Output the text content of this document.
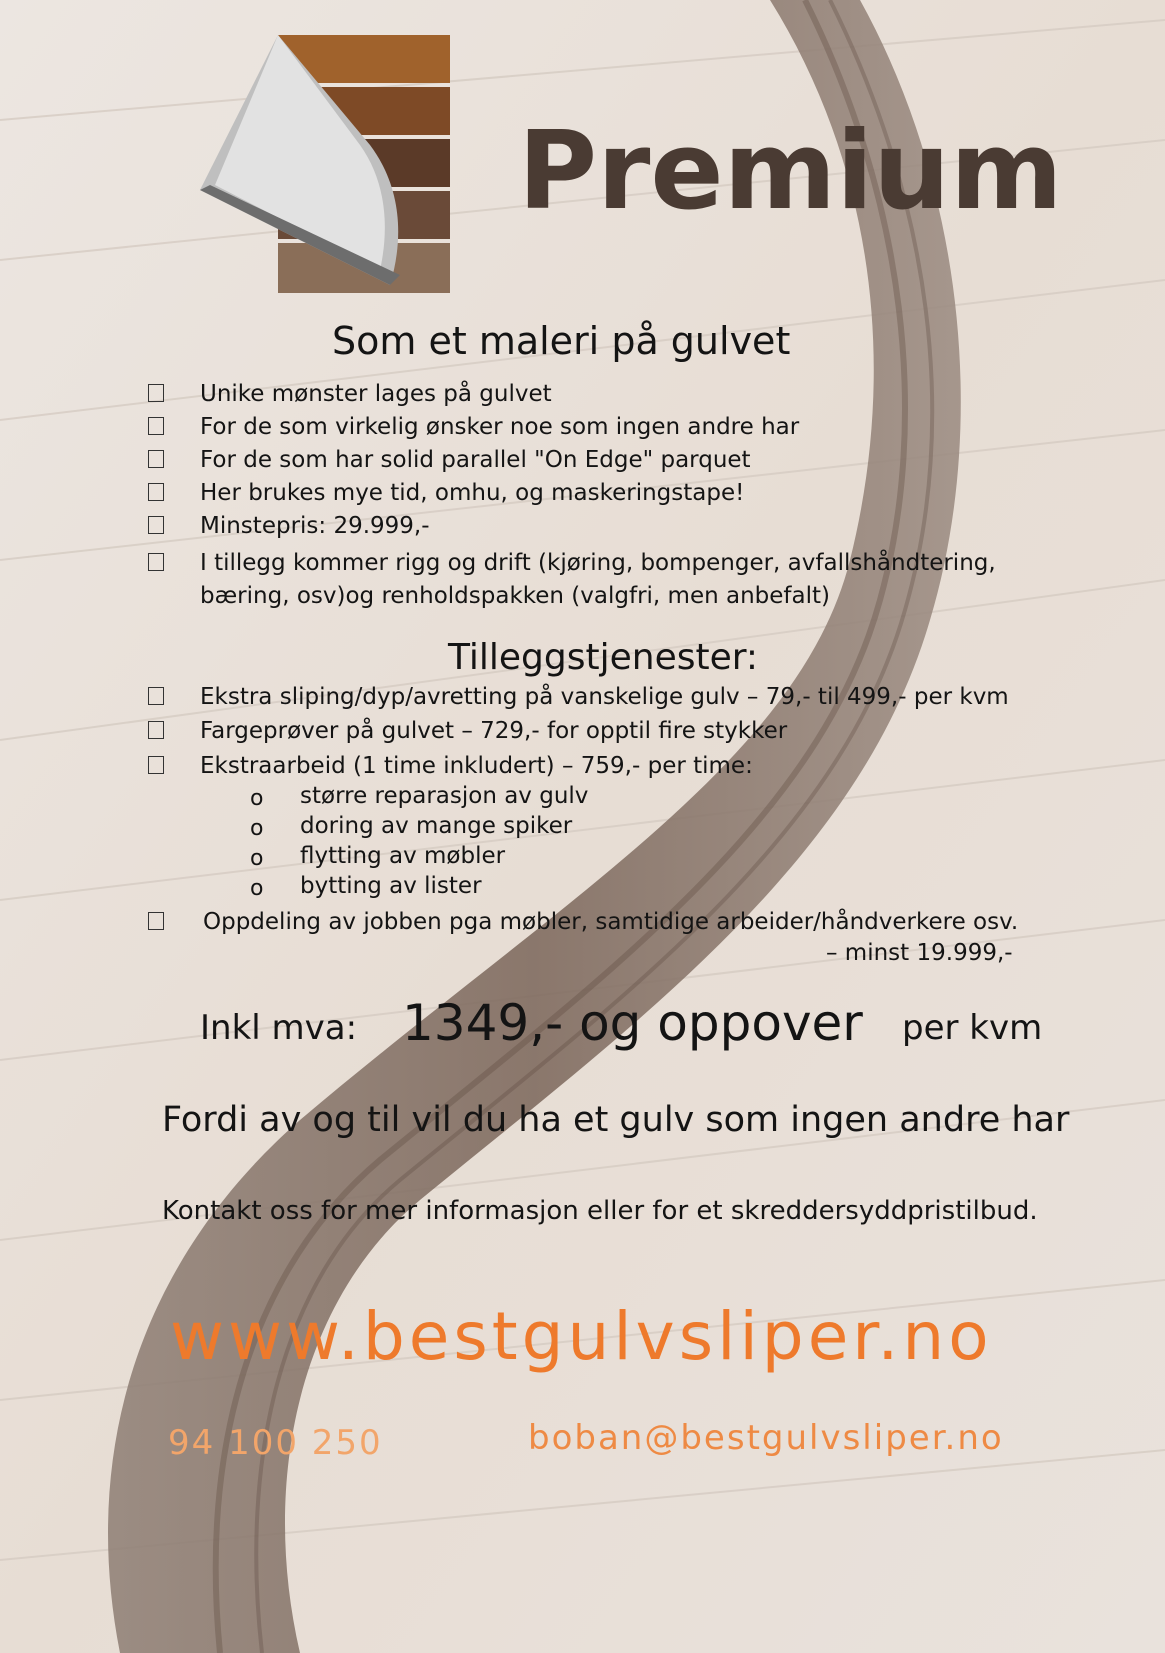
Premium
Som et maleri på gulvet
Unike mønster lages på gulvet
For de som virkelig ønsker noe som ingen andre har
For de som har solid parallel "On Edge" parquet
Her brukes mye tid, omhu, og maskeringstape!
Minstepris: 29.999,-
I tillegg kommer rigg og drift (kjøring, bompenger, avfallshåndtering,
bæring, osv)og renholdspakken (valgfri, men anbefalt)
Tilleggstjenester:
Ekstra sliping/dyp/avretting på vanskelige gulv – 79,- til 499,- per kvm
Fargeprøver på gulvet – 729,- for opptil fire stykker
Ekstraarbeid (1 time inkludert) – 759,- per time:
o større reparasjon av gulv
o doring av mange spiker
o flytting av møbler
o bytting av lister
Oppdeling av jobben pga møbler, samtidige arbeider/håndverkere osv.
– minst 19.999,-
Inkl mva: 1349,- og oppover per kvm
Fordi av og til vil du ha et gulv som ingen andre har
Kontakt oss for mer informasjon eller for et skreddersyddpristilbud.
www.bestgulvsliper.no
94 100 250	boban@bestgulvsliper.no
